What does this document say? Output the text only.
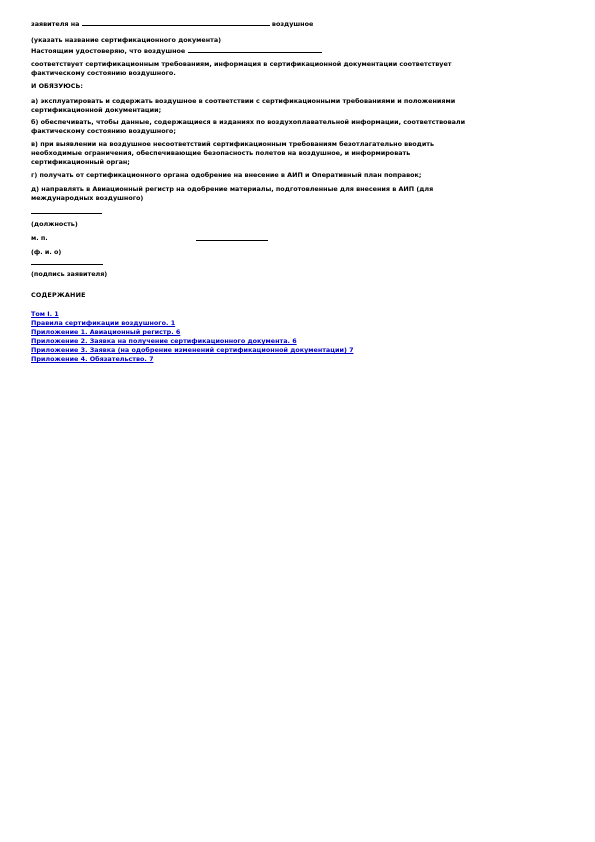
заявителя на	воздушное

(указать название сертификационного документа)

Настоящим удостоверяю, что воздушное

соответствует сертификационным требованиям, информация в сертификационной документации соответствует фактическому состоянию воздушного.

И ОБЯЗУЮСЬ:

а) эксплуатировать и содержать воздушное в соответствии с сертификационными требованиями и положениями сертификационной документации;

б) обеспечивать, чтобы данные, содержащиеся в изданиях по воздухоплавательной информации, соответствовали фактическому состоянию воздушного;

в) при выявлении на воздушное несоответствий сертификационным требованиям безотлагательно вводить необходимые ограничения, обеспечивающие безопасность полетов на воздушное, и информировать сертификационный орган;

г) получать от сертификационного органа одобрение на внесение в АИП и Оперативный план поправок;

д) направлять в Авиационный регистр на одобрение материалы, подготовленные для внесения в АИП (для международных воздушного)

(должность)

м. п.

(ф. и. о)

(подпись заявителя)

СОДЕРЖАНИЕ

Том I. 1
Правила сертификации воздушного. 1
Приложение 1. Авиационный регистр. 6
Приложение 2. Заявка на получение сертификационного документа. 6
Приложение 3. Заявка (на одобрение изменений сертификационной документации) 7
Приложение 4. Обязательство. 7
